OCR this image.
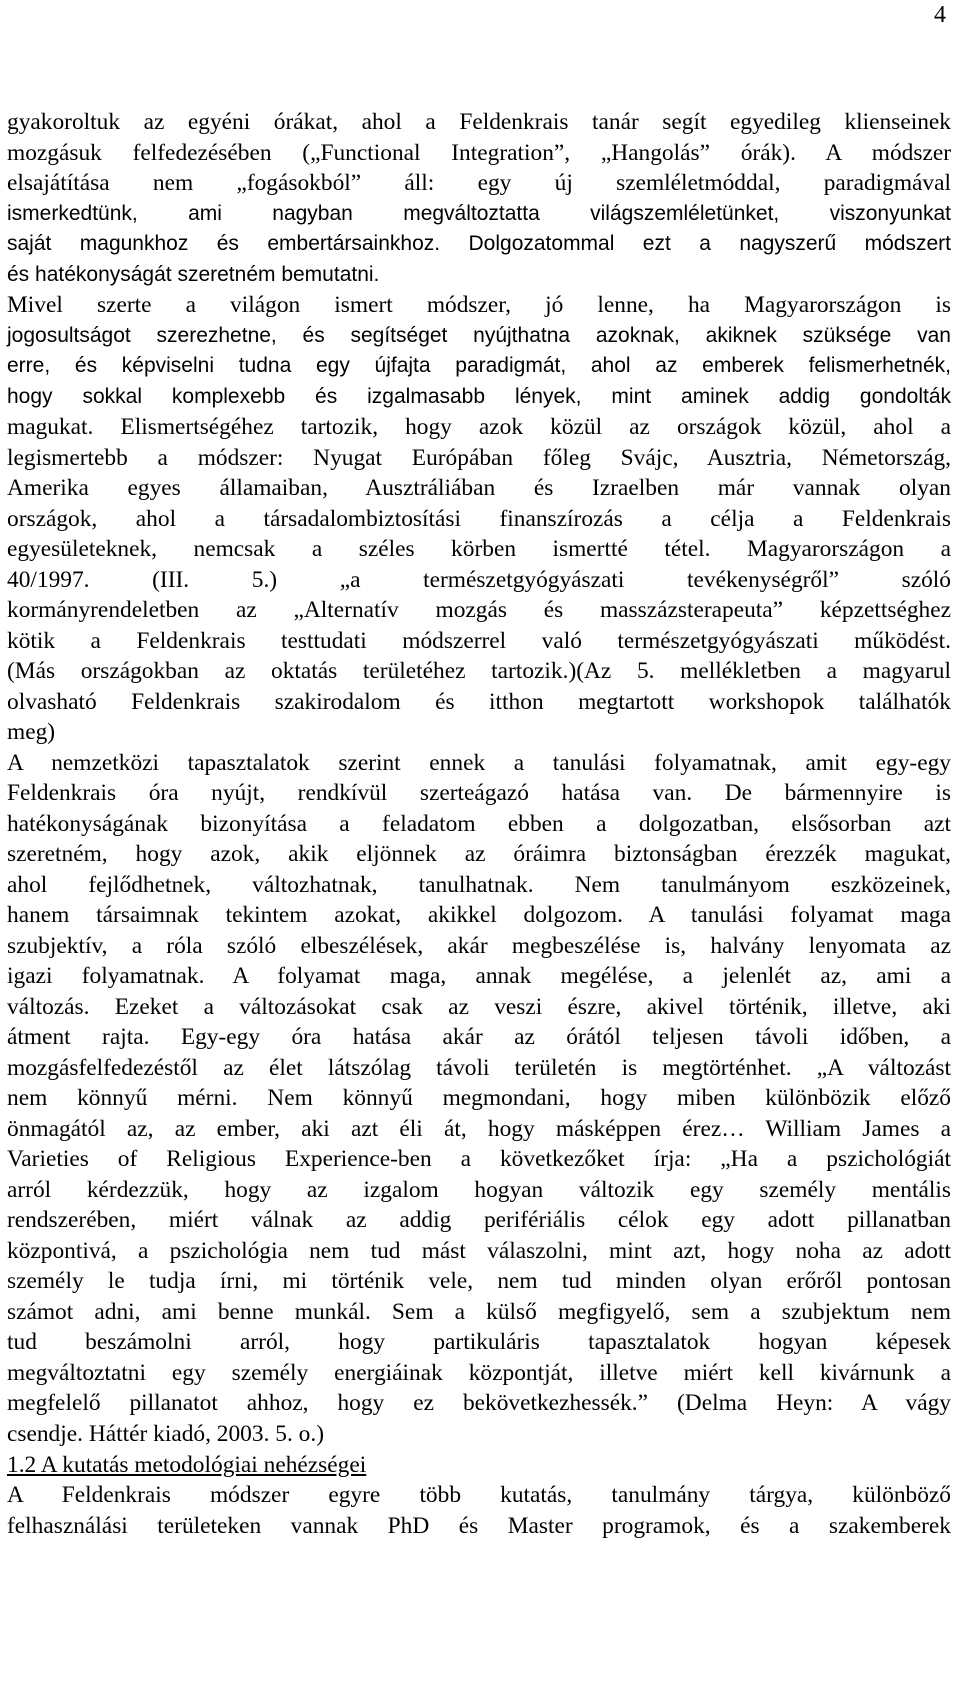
4
gyakoroltuk az egyéni órákat, ahol a Feldenkrais tanár segít egyedileg klienseinek
mozgásuk felfedezésében („Functional Integration”, „Hangolás” órák). A módszer
elsajátítása nem „fogásokból” áll: egy új szemléletmóddal, paradigmával
ismerkedtünk, ami nagyban megváltoztatta világszemléletünket, viszonyunkat
saját magunkhoz és embertársainkhoz. Dolgozatommal ezt a nagyszerű módszert
és hatékonyságát szeretném bemutatni.
Mivel szerte a világon ismert módszer, jó lenne, ha Magyarországon is
jogosultságot szerezhetne, és segítséget nyújthatna azoknak, akiknek szüksége van
erre, és képviselni tudna egy újfajta paradigmát, ahol az emberek felismerhetnék,
hogy sokkal komplexebb és izgalmasabb lények, mint aminek addig gondolták
magukat. Elismertségéhez tartozik, hogy azok közül az országok közül, ahol a
legismertebb a módszer: Nyugat Európában főleg Svájc, Ausztria, Németország,
Amerika egyes államaiban, Ausztráliában és Izraelben már vannak olyan
országok, ahol a társadalombiztosítási finanszírozás a célja a Feldenkrais
egyesületeknek, nemcsak a széles körben ismertté tétel. Magyarországon a
40/1997. (III. 5.) „a természetgyógyászati tevékenységről” szóló
kormányrendeletben az „Alternatív mozgás és masszázsterapeuta” képzettséghez
kötik a Feldenkrais testtudati módszerrel való természetgyógyászati működést.
(Más országokban az oktatás területéhez tartozik.)(Az 5. mellékletben a magyarul
olvasható Feldenkrais szakirodalom és itthon megtartott workshopok találhatók
meg)
A nemzetközi tapasztalatok szerint ennek a tanulási folyamatnak, amit egy-egy
Feldenkrais óra nyújt, rendkívül szerteágazó hatása van. De bármennyire is
hatékonyságának bizonyítása a feladatom ebben a dolgozatban, elsősorban azt
szeretném, hogy azok, akik eljönnek az óráimra biztonságban érezzék magukat,
ahol fejlődhetnek, változhatnak, tanulhatnak. Nem tanulmányom eszközeinek,
hanem társaimnak tekintem azokat, akikkel dolgozom. A tanulási folyamat maga
szubjektív, a róla szóló elbeszélések, akár megbeszélése is, halvány lenyomata az
igazi folyamatnak. A folyamat maga, annak megélése, a jelenlét az, ami a
változás. Ezeket a változásokat csak az veszi észre, akivel történik, illetve, aki
átment rajta. Egy-egy óra hatása akár az órától teljesen távoli időben, a
mozgásfelfedezéstől az élet látszólag távoli területén is megtörténhet. „A változást
nem könnyű mérni. Nem könnyű megmondani, hogy miben különbözik előző
önmagától az, az ember, aki azt éli át, hogy másképpen érez… William James a
Varieties of Religious Experience-ben a következőket írja: „Ha a pszichológiát
arról kérdezzük, hogy az izgalom hogyan változik egy személy mentális
rendszerében, miért válnak az addig perifériális célok egy adott pillanatban
központivá, a pszichológia nem tud mást válaszolni, mint azt, hogy noha az adott
személy le tudja írni, mi történik vele, nem tud minden olyan erőről pontosan
számot adni, ami benne munkál. Sem a külső megfigyelő, sem a szubjektum nem
tud beszámolni arról, hogy partikuláris tapasztalatok hogyan képesek
megváltoztatni egy személy energiáinak központját, illetve miért kell kivárnunk a
megfelelő pillanatot ahhoz, hogy ez bekövetkezhessék.” (Delma Heyn: A vágy
csendje. Háttér kiadó, 2003. 5. o.)
1.2 A kutatás metodológiai nehézségei
A Feldenkrais módszer egyre több kutatás, tanulmány tárgya, különböző
felhasználási területeken vannak PhD és Master programok, és a szakemberek
